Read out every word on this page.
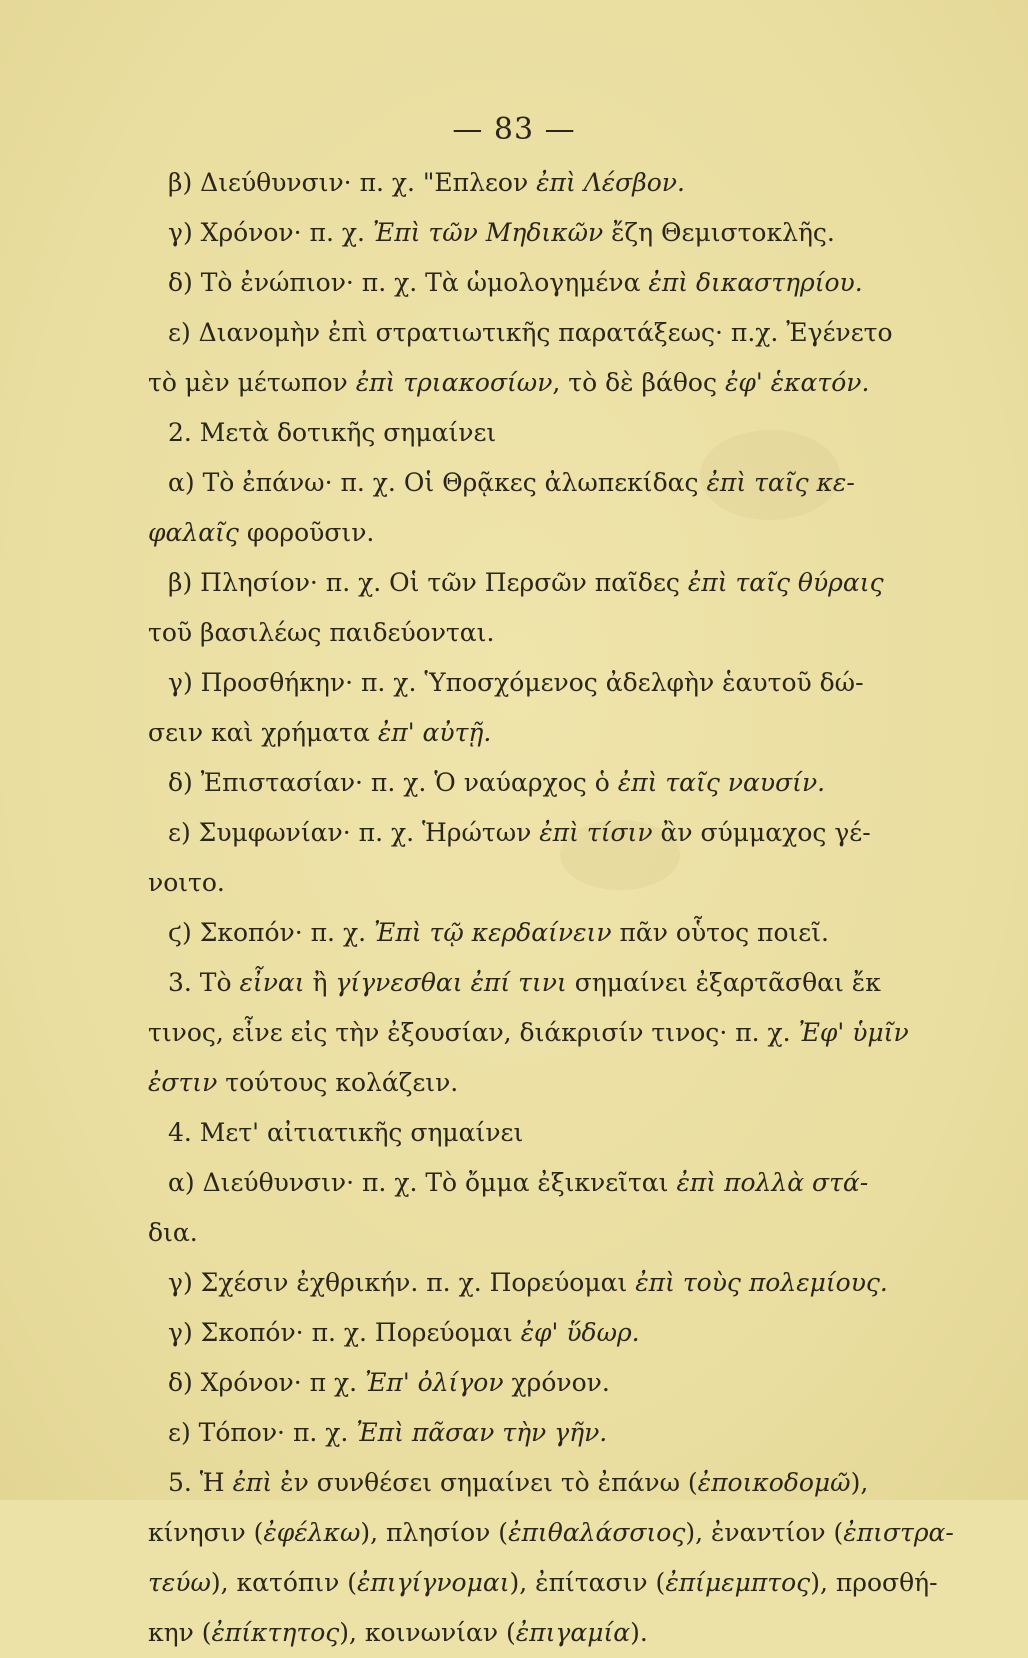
— 83 —
β) Διεύθυνσιν· π. χ. "Επλεον ἐπὶ Λέσβον.
γ) Χρόνον· π. χ. Ἐπὶ τῶν Μηδικῶν ἔζη Θεμιστοκλῆς.
δ) Τὸ ἐνώπιον· π. χ. Τὰ ὡμολογημένα ἐπὶ δικαστηρίου.
ε) Διανομὴν ἐπὶ στρατιωτικῆς παρατάξεως· π.χ. Ἐγένετο
τὸ μὲν μέτωπον ἐπὶ τριακοσίων, τὸ δὲ βάθος ἐφ' ἑκατόν.
2. Μετὰ δοτικῆς σημαίνει
α) Τὸ ἐπάνω· π. χ. Οἱ Θρᾷκες ἀλωπεκίδας ἐπὶ ταῖς κε-
φαλαῖς φοροῦσιν.
β) Πλησίον· π. χ. Οἱ τῶν Περσῶν παῖδες ἐπὶ ταῖς θύραις
τοῦ βασιλέως παιδεύονται.
γ) Προσθήκην· π. χ. Ὑποσχόμενος ἀδελφὴν ἑαυτοῦ δώ-
σειν καὶ χρήματα ἐπ' αὐτῇ.
δ) Ἐπιστασίαν· π. χ. Ὁ ναύαρχος ὁ ἐπὶ ταῖς ναυσίν.
ε) Συμφωνίαν· π. χ. Ἡρώτων ἐπὶ τίσιν ἂν σύμμαχος γέ-
νοιτο.
ϛ) Σκοπόν· π. χ. Ἐπὶ τῷ κερδαίνειν πᾶν οὗτος ποιεῖ.
3. Τὸ εἶναι ἢ γίγνεσθαι ἐπί τινι σημαίνει ἐξαρτᾶσθαι ἔκ
τινος, εἶνε εἰς τὴν ἐξουσίαν, διάκρισίν τινος· π. χ. Ἐφ' ὑμῖν
ἐστιν τούτους κολάζειν.
4. Μετ' αἰτιατικῆς σημαίνει
α) Διεύθυνσιν· π. χ. Τὸ ὄμμα ἐξικνεῖται ἐπὶ πολλὰ στά-
δια.
γ) Σχέσιν ἐχθρικήν. π. χ. Πορεύομαι ἐπὶ τοὺς πολεμίους.
γ) Σκοπόν· π. χ. Πορεύομαι ἐφ' ὕδωρ.
δ) Χρόνον· π χ. Ἐπ' ὀλίγον χρόνον.
ε) Τόπον· π. χ. Ἐπὶ πᾶσαν τὴν γῆν.
5. Ἡ ἐπὶ ἐν συνθέσει σημαίνει τὸ ἐπάνω (ἐποικοδομῶ),
κίνησιν (ἐφέλκω), πλησίον (ἐπιθαλάσσιος), ἐναντίον (ἐπιστρα-
τεύω), κατόπιν (ἐπιγίγνομαι), ἐπίτασιν (ἐπίμεμπτος), προσθή-
κην (ἐπίκτητος), κοινωνίαν (ἐπιγαμία).
